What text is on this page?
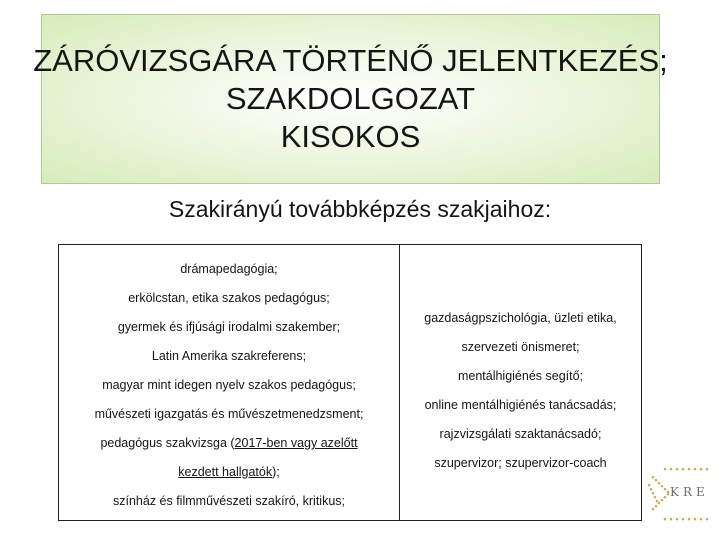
ZÁRÓVIZSGÁRA TÖRTÉNŐ JELENTKEZÉS;
SZAKDOLGOZAT
KISOKOS
Szakirányú továbbképzés szakjaihoz:
drámapedagógia;
erkölcstan, etika szakos pedagógus;
gyermek és ifjúsági irodalmi szakember;
Latin Amerika szakreferens;
magyar mint idegen nyelv szakos pedagógus;
művészeti igazgatás és művészetmenedzsment;
pedagógus szakvizsga (2017-ben vagy azelőtt
kezdett hallgatók);
színház és filmművészeti szakíró, kritikus;
gazdaságpszichológia, üzleti etika,
szervezeti önismeret;
mentálhigiénés segítő;
online mentálhigiénés tanácsadás;
rajzvizsgálati szaktanácsadó;
szupervizor; szupervizor-coach
KRE
